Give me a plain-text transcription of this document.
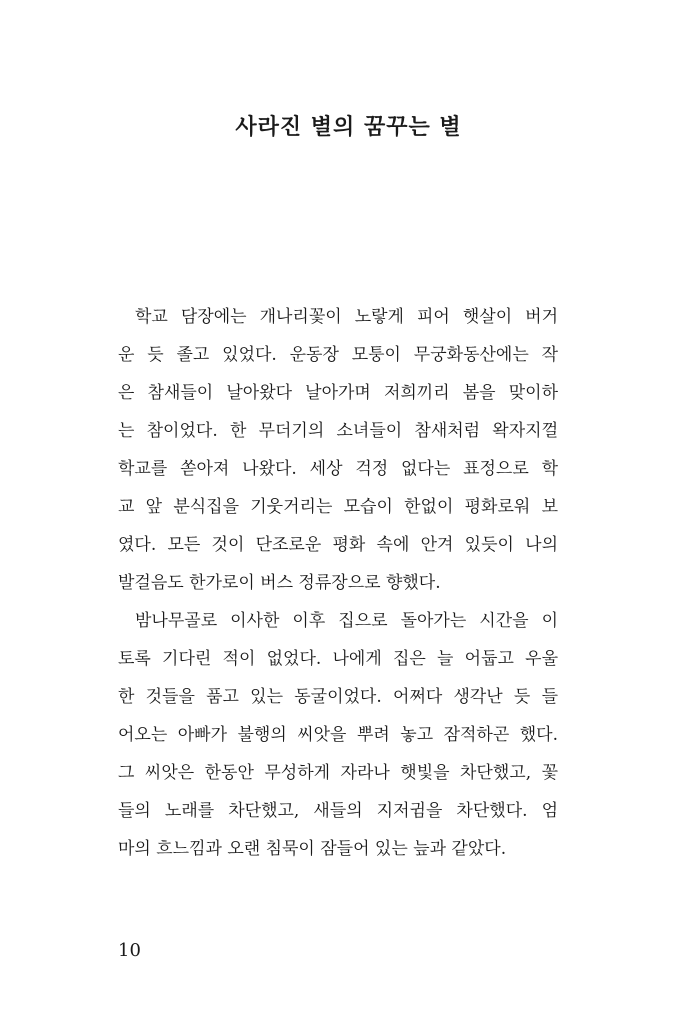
사라진 별의 꿈꾸는 별

학교 담장에는 개나리꽃이 노랗게 피어 햇살이 버거

운 듯 졸고 있었다. 운동장 모퉁이 무궁화동산에는 작

은 참새들이 날아왔다 날아가며 저희끼리 봄을 맞이하

는 참이었다. 한 무더기의 소녀들이 참새처럼 왁자지껄

학교를 쏟아져 나왔다. 세상 걱정 없다는 표정으로 학

교 앞 분식집을 기웃거리는 모습이 한없이 평화로워 보

였다. 모든 것이 단조로운 평화 속에 안겨 있듯이 나의

발걸음도 한가로이 버스 정류장으로 향했다.

밤나무골로 이사한 이후 집으로 돌아가는 시간을 이

토록 기다린 적이 없었다. 나에게 집은 늘 어둡고 우울

한 것들을 품고 있는 동굴이었다. 어쩌다 생각난 듯 들

어오는 아빠가 불행의 씨앗을 뿌려 놓고 잠적하곤 했다.

그 씨앗은 한동안 무성하게 자라나 햇빛을 차단했고, 꽃

들의 노래를 차단했고, 새들의 지저귐을 차단했다. 엄

마의 흐느낌과 오랜 침묵이 잠들어 있는 늪과 같았다.

10
